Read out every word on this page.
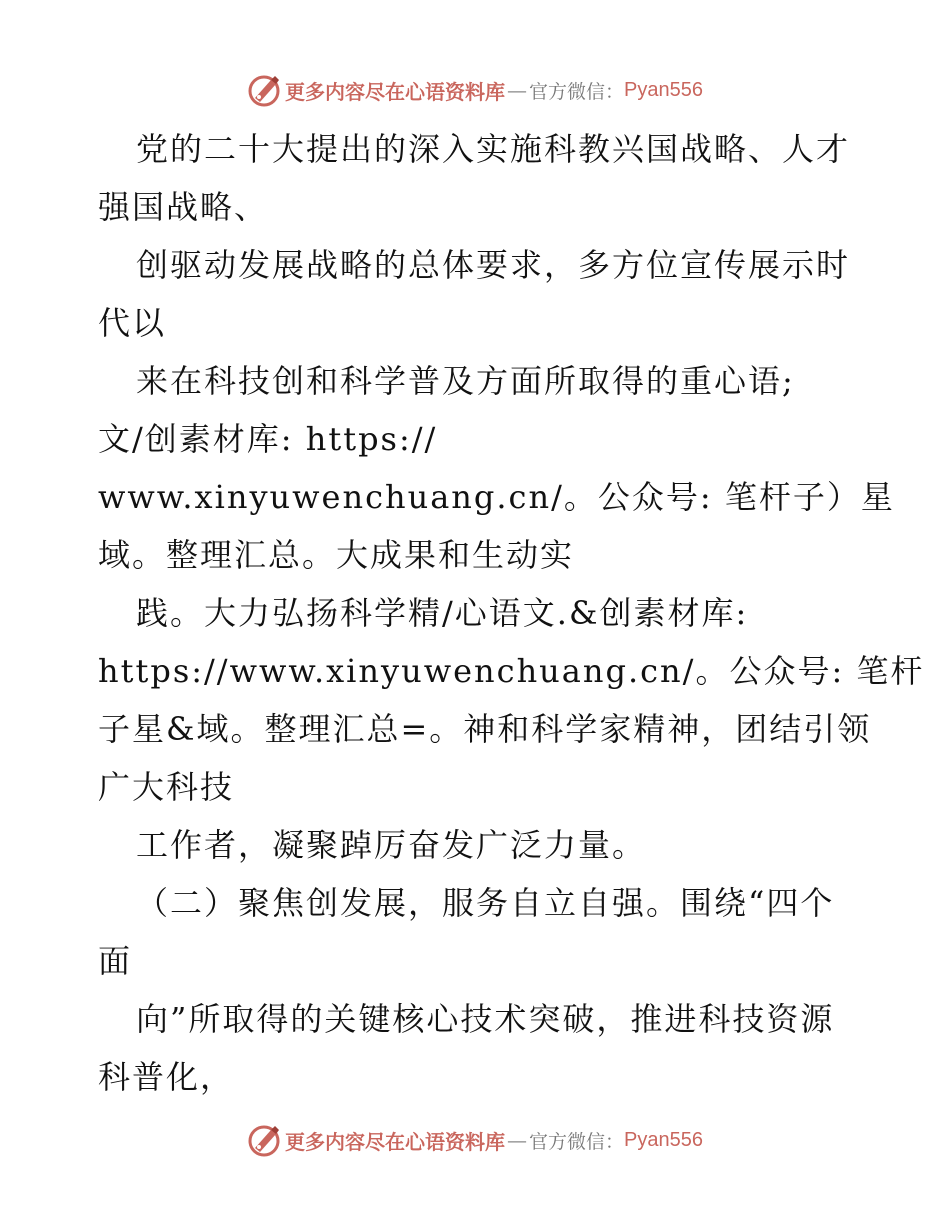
更多内容尽在心语资料库 — 官方微信： Pyan556
党的二十大提出的深入实施科教兴国战略、人才
强国战略、
创驱动发展战略的总体要求，多方位宣传展示时
代以
来在科技创和科学普及方面所取得的重心语;
文/创素材库: https://
www.xinyuwenchuang.cn/。公众号: 笔杆子）星
域。整理汇总。大成果和生动实
践。大力弘扬科学精/心语文.&创素材库:
https://www.xinyuwenchuang.cn/。公众号: 笔杆
子星&域。整理汇总=。神和科学家精神，团结引领
广大科技
工作者，凝聚踔厉奋发广泛力量。
（二）聚焦创发展，服务自立自强。围绕“四个
面
向”所取得的关键核心技术突破，推进科技资源
科普化，
更多内容尽在心语资料库 — 官方微信： Pyan556
